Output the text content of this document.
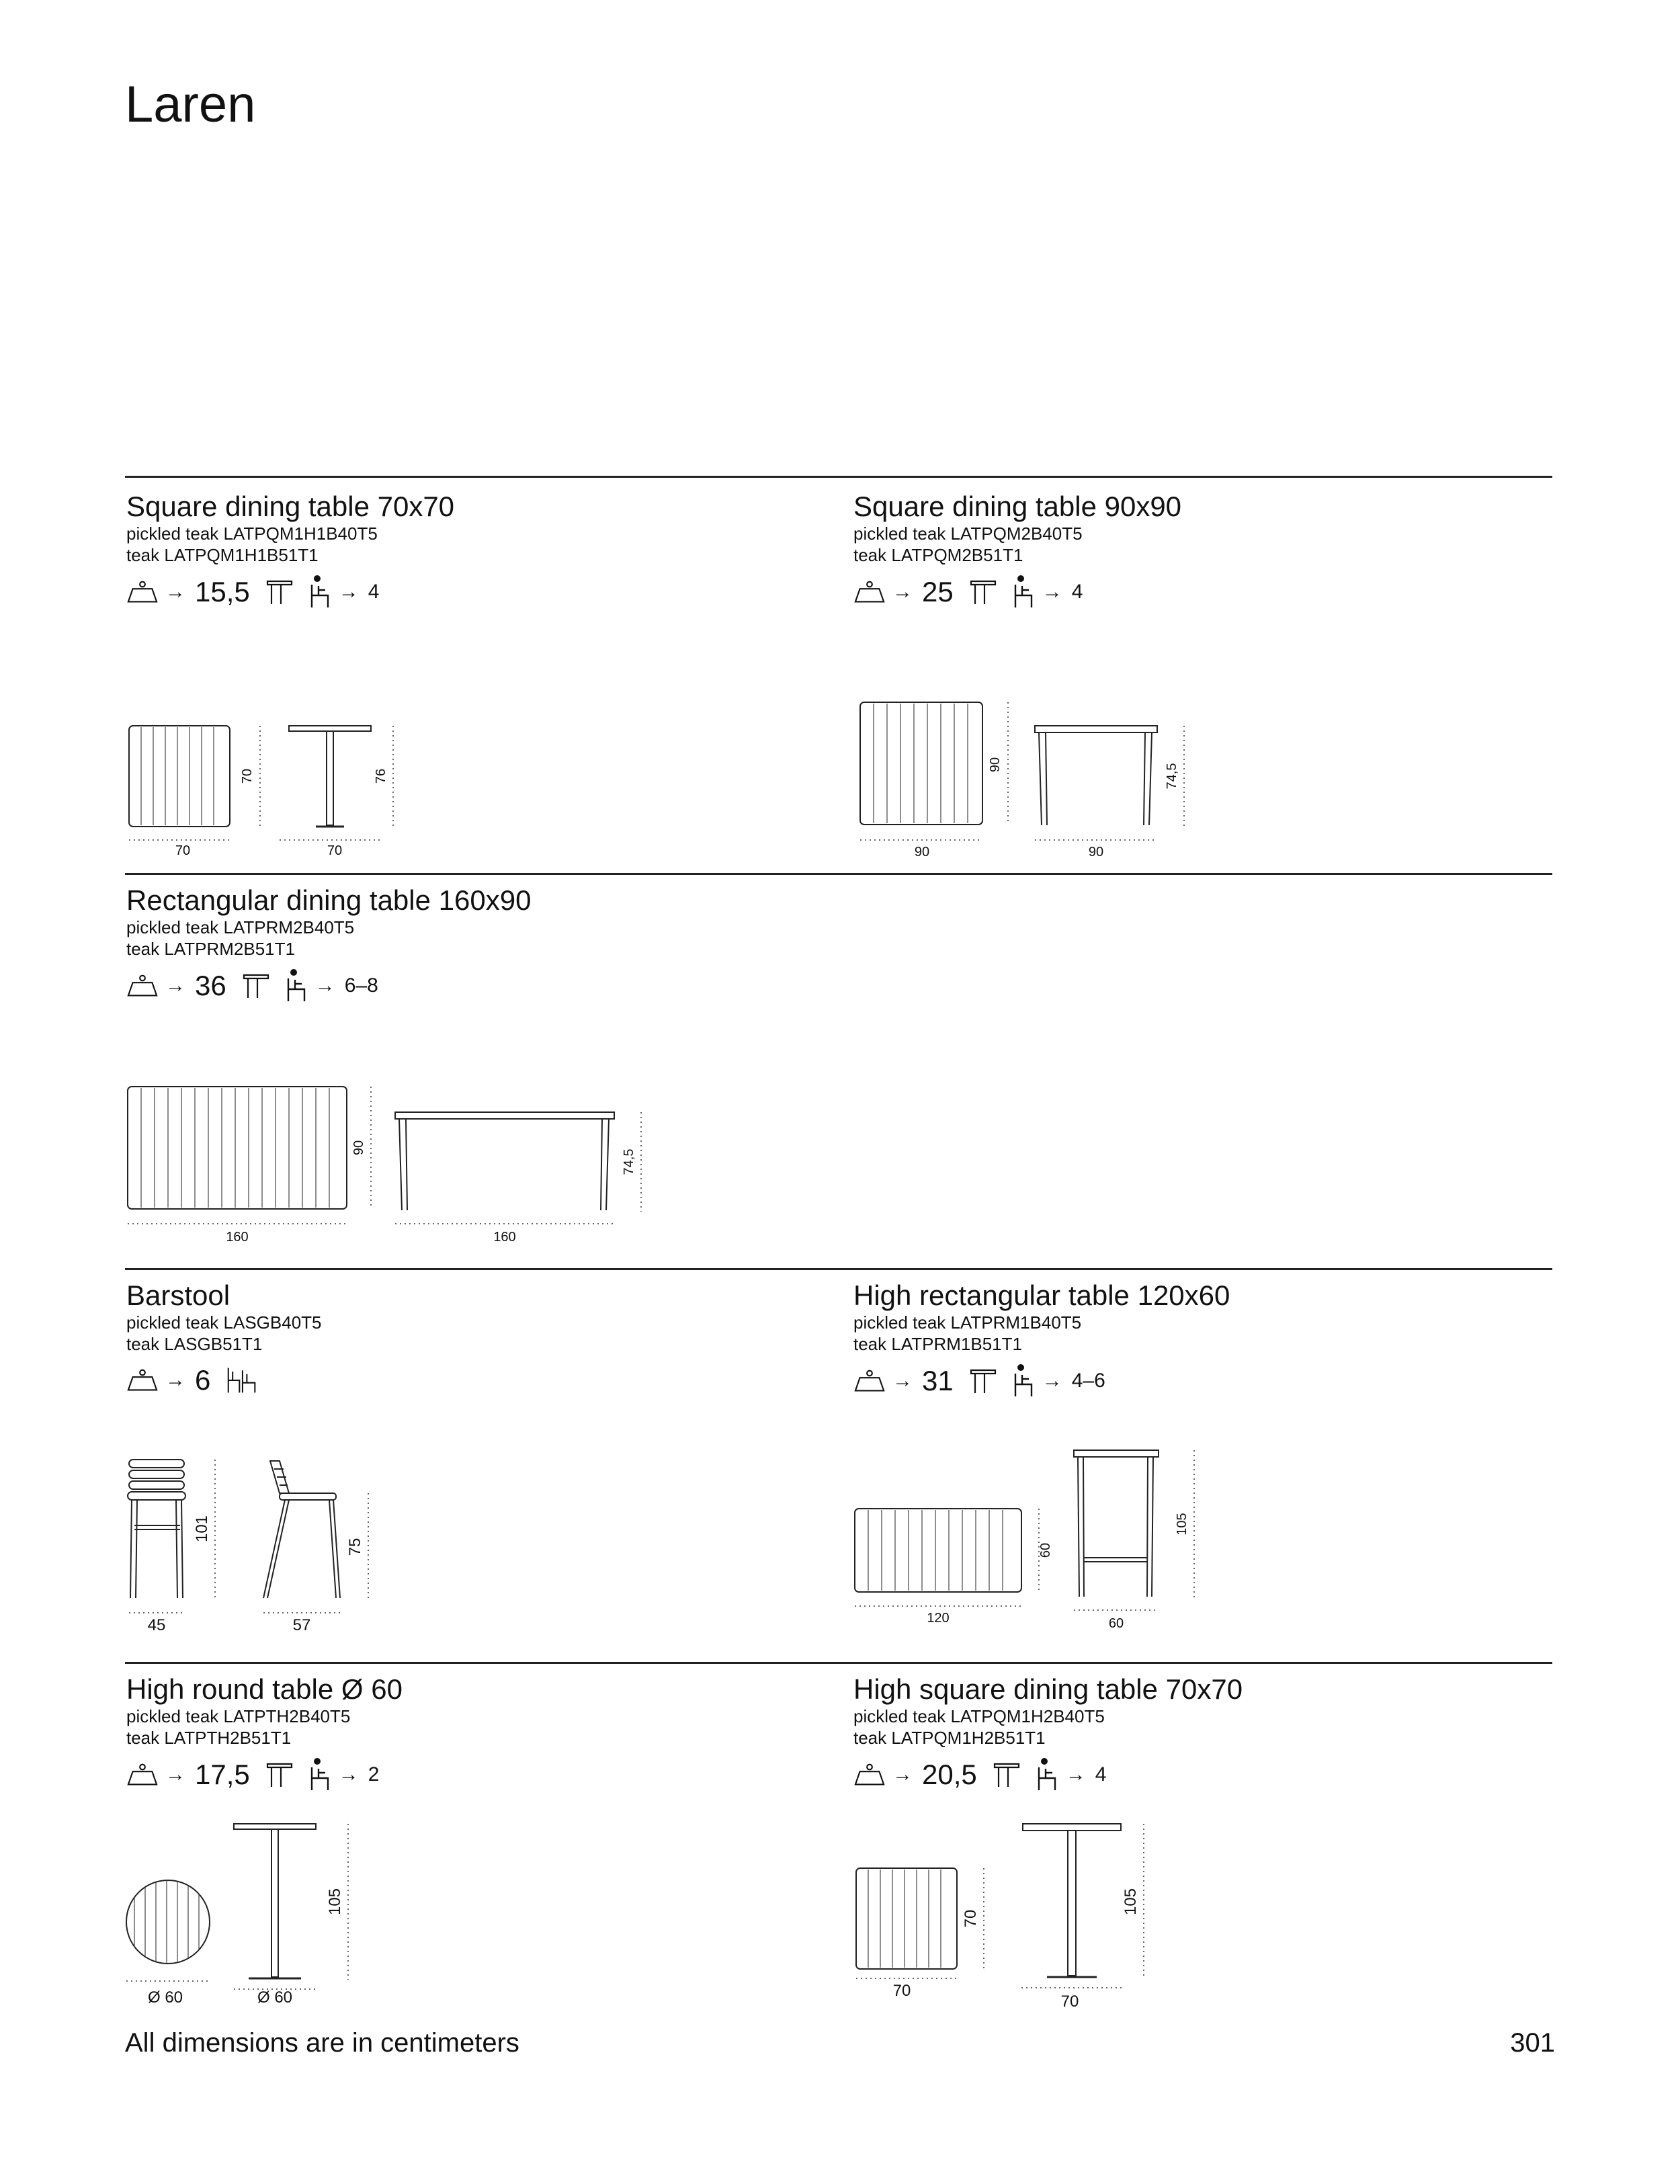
Laren
Square dining table 70x70
pickled teak LATPQM1H1B40T5
teak LATPQM1H1B51T1
→ 15,5	→ 4
70
70
70
76
Square dining table 90x90
pickled teak LATPQM2B40T5
teak LATPQM2B51T1
→ 25	→ 4
90
90
90
74,5
Rectangular dining table 160x90
pickled teak LATPRM2B40T5
teak LATPRM2B51T1
→ 36	→ 6–8
160
90
160
74,5
Barstool
pickled teak LASGB40T5
teak LASGB51T1
→ 6
45
101
57
75
High rectangular table 120x60
pickled teak LATPRM1B40T5
teak LATPRM1B51T1
→ 31	→ 4–6
120
60
60
105
High round table Ø 60
pickled teak LATPTH2B40T5
teak LATPTH2B51T1
→ 17,5	→ 2
Ø 60	Ø 60
105
High square dining table 70x70
pickled teak LATPQM1H2B40T5
teak LATPQM1H2B51T1
→ 20,5	→ 4
70
70
70
105
All dimensions are in centimeters	301
